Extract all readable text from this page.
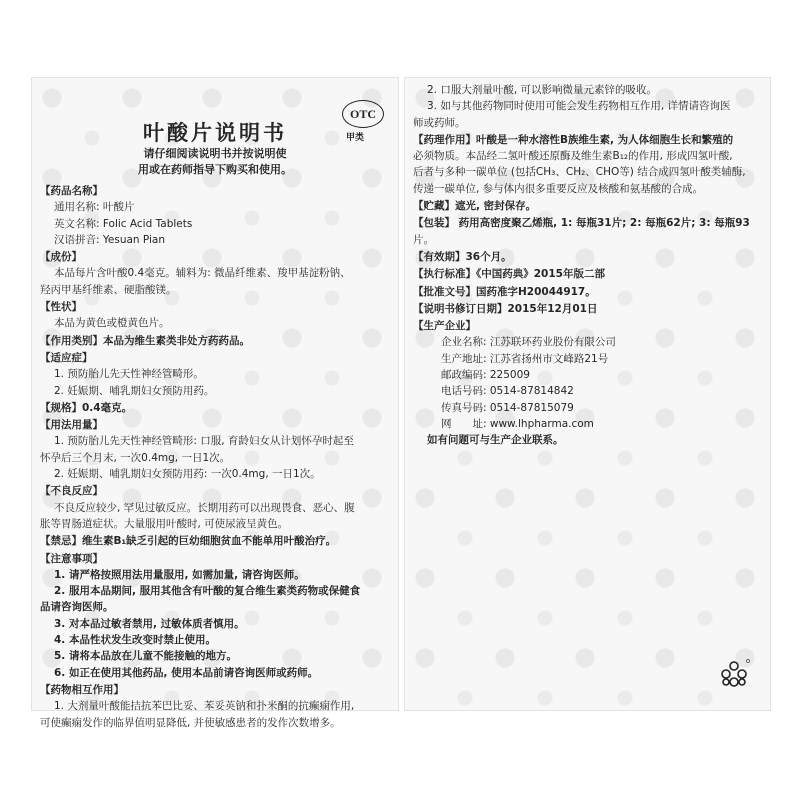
OTC
甲类
叶酸片说明书
请仔细阅读说明书并按说明使
用或在药师指导下购买和使用。
【药品名称】
通用名称: 叶酸片
英文名称: Folic Acid Tablets
汉语拼音: Yesuan Pian
【成份】
本品每片含叶酸0.4毫克。辅料为: 微晶纤维素、羧甲基淀粉钠、
羟丙甲基纤维素、硬脂酸镁。
【性状】
本品为黄色或橙黄色片。
【作用类别】本品为维生素类非处方药药品。
【适应症】
1. 预防胎儿先天性神经管畸形。
2. 妊娠期、哺乳期妇女预防用药。
【规格】0.4毫克。
【用法用量】
1. 预防胎儿先天性神经管畸形: 口服, 育龄妇女从计划怀孕时起至
怀孕后三个月末, 一次0.4mg, 一日1次。
2. 妊娠期、哺乳期妇女预防用药: 一次0.4mg, 一日1次。
【不良反应】
不良反应较少, 罕见过敏反应。长期用药可以出现畏食、恶心、腹
胀等胃肠道症状。大量服用叶酸时, 可使尿液呈黄色。
【禁忌】维生素B₁缺乏引起的巨幼细胞贫血不能单用叶酸治疗。
【注意事项】
1. 请严格按照用法用量服用, 如需加量, 请咨询医师。
2. 服用本品期间, 服用其他含有叶酸的复合维生素类药物或保健食
品请咨询医师。
3. 对本品过敏者禁用, 过敏体质者慎用。
4. 本品性状发生改变时禁止使用。
5. 请将本品放在儿童不能接触的地方。
6. 如正在使用其他药品, 使用本品前请咨询医师或药师。
【药物相互作用】
1. 大剂量叶酸能拮抗苯巴比妥、苯妥英钠和扑米酮的抗癫痫作用,
可使癫痫发作的临界值明显降低, 并使敏感患者的发作次数增多。
2. 口服大剂量叶酸, 可以影响微量元素锌的吸收。
3. 如与其他药物同时使用可能会发生药物相互作用, 详情请咨询医
师或药师。
【药理作用】叶酸是一种水溶性B族维生素, 为人体细胞生长和繁殖的
必须物质。本品经二氢叶酸还原酶及维生素B₁₂的作用, 形成四氢叶酸,
后者与多种一碳单位 (包括CH₃、CH₂、CHO等) 结合成四氢叶酸类辅酶,
传递一碳单位, 参与体内很多重要反应及核酸和氨基酸的合成。
【贮藏】遮光, 密封保存。
【包装】 药用高密度聚乙烯瓶, 1: 每瓶31片; 2: 每瓶62片; 3: 每瓶93
片。
【有效期】36个月。
【执行标准】《中国药典》2015年版二部
【批准文号】国药准字H20044917。
【说明书修订日期】2015年12月01日
【生产企业】
企业名称: 江苏联环药业股份有限公司
生产地址: 江苏省扬州市文峰路21号
邮政编码: 225009
电话号码: 0514-87814842
传真号码: 0514-87815079
网　　址: www.lhpharma.com
如有问题可与生产企业联系。
